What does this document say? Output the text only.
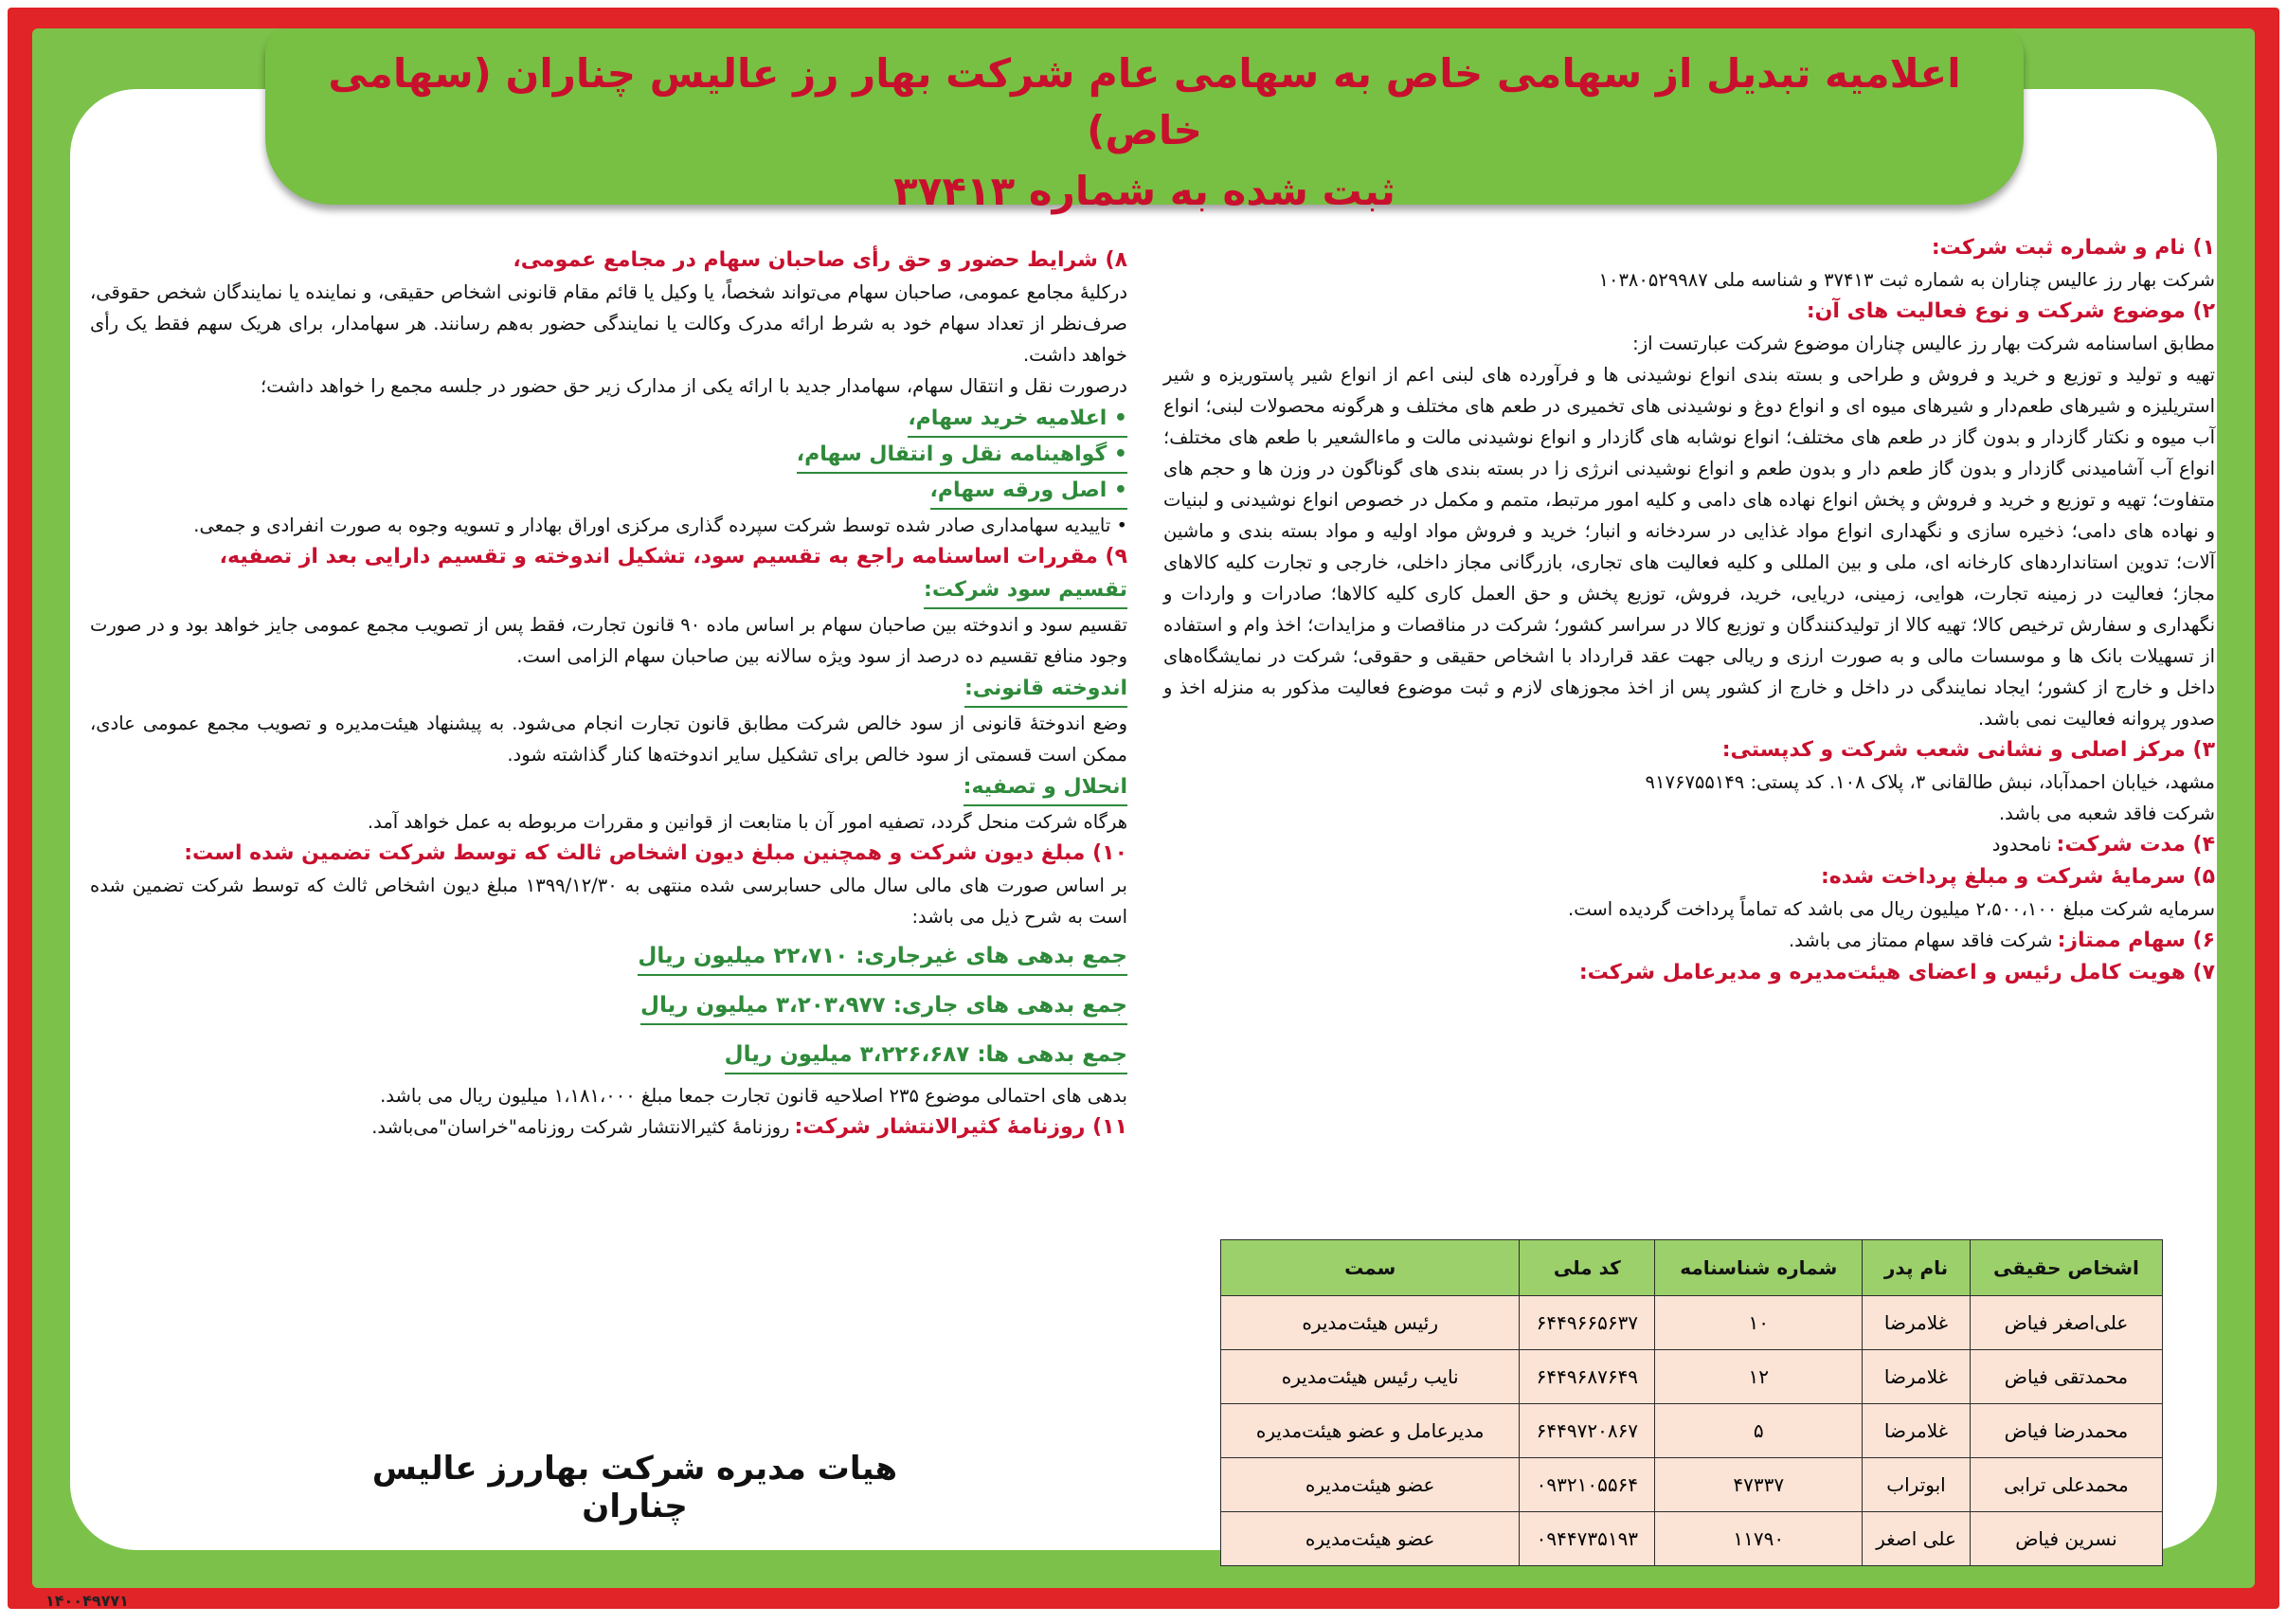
اعلامیه تبدیل از سهامی خاص به سهامی عام شرکت بهار رز عالیس چناران (سهامی خاص)
ثبت شده به شماره ۳۷۴۱۳
۱) نام و شماره ثبت شرکت:
شرکت بهار رز عالیس چناران به شماره ثبت ۳۷۴۱۳ و شناسه ملی ۱۰۳۸۰۵۲۹۹۸۷
۲) موضوع شرکت و نوع فعالیت های آن:
مطابق اساسنامه شرکت بهار رز عالیس چناران موضوع شرکت عبارتست از:
تهیه و تولید و توزیع و خرید و فروش و طراحی و بسته بندی انواع نوشیدنی ها و فرآورده های لبنی اعم از انواع شیر پاستوریزه و شیر استریلیزه و شیرهای طعم‌دار و شیرهای میوه ای و انواع دوغ و نوشیدنی های تخمیری در طعم های مختلف و هرگونه محصولات لبنی؛ انواع آب میوه و نکتار گازدار و بدون گاز در طعم های مختلف؛ انواع نوشابه های گازدار و انواع نوشیدنی مالت و ماءالشعیر با طعم های مختلف؛ انواع آب آشامیدنی گازدار و بدون گاز طعم دار و بدون طعم و انواع نوشیدنی انرژی زا در بسته بندی های گوناگون در وزن ها و حجم های متفاوت؛ تهیه و توزیع و خرید و فروش و پخش انواع نهاده های دامی و کلیه امور مرتبط، متمم و مکمل در خصوص انواع نوشیدنی و لبنیات و نهاده های دامی؛ ذخیره سازی و نگهداری انواع مواد غذایی در سردخانه و انبار؛ خرید و فروش مواد اولیه و مواد بسته بندی و ماشین آلات؛ تدوین استانداردهای کارخانه ای، ملی و بین المللی و کلیه فعالیت های تجاری، بازرگانی مجاز داخلی، خارجی و تجارت کلیه کالاهای مجاز؛ فعالیت در زمینه تجارت، هوایی، زمینی، دریایی، خرید، فروش، توزیع پخش و حق العمل کاری کلیه کالاها؛ صادرات و واردات و نگهداری و سفارش ترخیص کالا؛ تهیه کالا از تولیدکنندگان و توزیع کالا در سراسر کشور؛ شرکت در مناقصات و مزایدات؛ اخذ وام و استفاده از تسهیلات بانک ها و موسسات مالی و به صورت ارزی و ریالی جهت عقد قرارداد با اشخاص حقیقی و حقوقی؛ شرکت در نمایشگاه‌های داخل و خارج از کشور؛ ایجاد نمایندگی در داخل و خارج از کشور پس از اخذ مجوزهای لازم و ثبت موضوع فعالیت مذکور به منزله اخذ و صدور پروانه فعالیت نمی باشد.
۳) مرکز اصلی و نشانی شعب شرکت و کدپستی:
مشهد، خیابان احمدآباد، نبش طالقانی ۳، پلاک ۱۰۸. کد پستی: ۹۱۷۶۷۵۵۱۴۹
شرکت فاقد شعبه می باشد.
۴) مدت شرکت: نامحدود
۵) سرمایۀ شرکت و مبلغ پرداخت شده:
سرمایه شرکت مبلغ ۲،۵۰۰،۱۰۰ میلیون ریال می باشد که تماماً پرداخت گردیده است.
۶) سهام ممتاز: شرکت فاقد سهام ممتاز می باشد.
۷) هویت کامل رئیس و اعضای هیئت‌مدیره و مدیرعامل شرکت:
اشخاص حقیقی	نام پدر	شماره شناسنامه	کد ملی	سمت
علی‌اصغر فیاض	غلامرضا	۱۰	۶۴۴۹۶۶۵۶۳۷	رئیس هیئت‌مدیره
محمدتقی فیاض	غلامرضا	۱۲	۶۴۴۹۶۸۷۶۴۹	نایب رئیس هیئت‌مدیره
محمدرضا فیاض	غلامرضا	۵	۶۴۴۹۷۲۰۸۶۷	مدیرعامل و عضو هیئت‌مدیره
محمدعلی ترابی	ابوتراب	۴۷۳۳۷	۰۹۳۲۱۰۵۵۶۴	عضو هیئت‌مدیره
نسرین فیاض	علی اصغر	۱۱۷۹۰	۰۹۴۴۷۳۵۱۹۳	عضو هیئت‌مدیره
۸) شرایط حضور و حق رأی صاحبان سهام در مجامع عمومی،
درکلیۀ مجامع عمومی، صاحبان سهام می‌تواند شخصاً، یا وکیل یا قائم مقام قانونی اشخاص حقیقی، و نماینده یا نمایندگان شخص حقوقی، صرف‌نظر از تعداد سهام خود به شرط ارائه مدرک وکالت یا نمایندگی حضور به‌هم رسانند. هر سهامدار، برای هریک سهم فقط یک رأی خواهد داشت.
درصورت نقل و انتقال سهام، سهامدار جدید با ارائه یکی از مدارک زیر حق حضور در جلسه مجمع را خواهد داشت؛
• اعلامیه خرید سهام،
• گواهینامه نقل و انتقال سهام،
• اصل ورقه سهام،
• تاییدیه سهامداری صادر شده توسط شرکت سپرده گذاری مرکزی اوراق بهادار و تسویه وجوه به صورت انفرادی و جمعی.
۹) مقررات اساسنامه راجع به تقسیم سود، تشکیل اندوخته و تقسیم دارایی بعد از تصفیه،
تقسیم سود شرکت:
تقسیم سود و اندوخته بین صاحبان سهام بر اساس ماده ۹۰ قانون تجارت، فقط پس از تصویب مجمع عمومی جایز خواهد بود و در صورت وجود منافع تقسیم ده درصد از سود ویژه سالانه بین صاحبان سهام الزامی است.
اندوخته قانونی:
وضع اندوختۀ قانونی از سود خالص شرکت مطابق قانون تجارت انجام می‌شود. به پیشنهاد هیئت‌مدیره و تصویب مجمع عمومی عادی، ممکن است قسمتی از سود خالص برای تشکیل سایر اندوخته‌ها کنار گذاشته شود.
انحلال و تصفیه:
هرگاه شرکت منحل گردد، تصفیه امور آن با متابعت از قوانین و مقررات مربوطه به عمل خواهد آمد.
۱۰) مبلغ دیون شرکت و همچنین مبلغ دیون اشخاص ثالث که توسط شرکت تضمین شده است:
بر اساس صورت های مالی سال مالی حسابرسی شده منتهی به ۱۳۹۹/۱۲/۳۰ مبلغ دیون اشخاص ثالث که توسط شرکت تضمین شده است به شرح ذیل می باشد:
جمع بدهی های غیرجاری: ۲۲،۷۱۰ میلیون ریال
جمع بدهی های جاری: ۳،۲۰۳،۹۷۷ میلیون ریال
جمع بدهی ها: ۳،۲۲۶،۶۸۷ میلیون ریال
بدهی های احتمالی موضوع ۲۳۵ اصلاحیه قانون تجارت جمعا مبلغ ۱،۱۸۱،۰۰۰ میلیون ریال می باشد.
۱۱) روزنامۀ کثیرالانتشار شرکت: روزنامۀ کثیرالانتشار شرکت روزنامه"خراسان"می‌باشد.
هیات مدیره شرکت بهاررز عالیس چناران
۱۴۰۰۴۹۷۷۱
